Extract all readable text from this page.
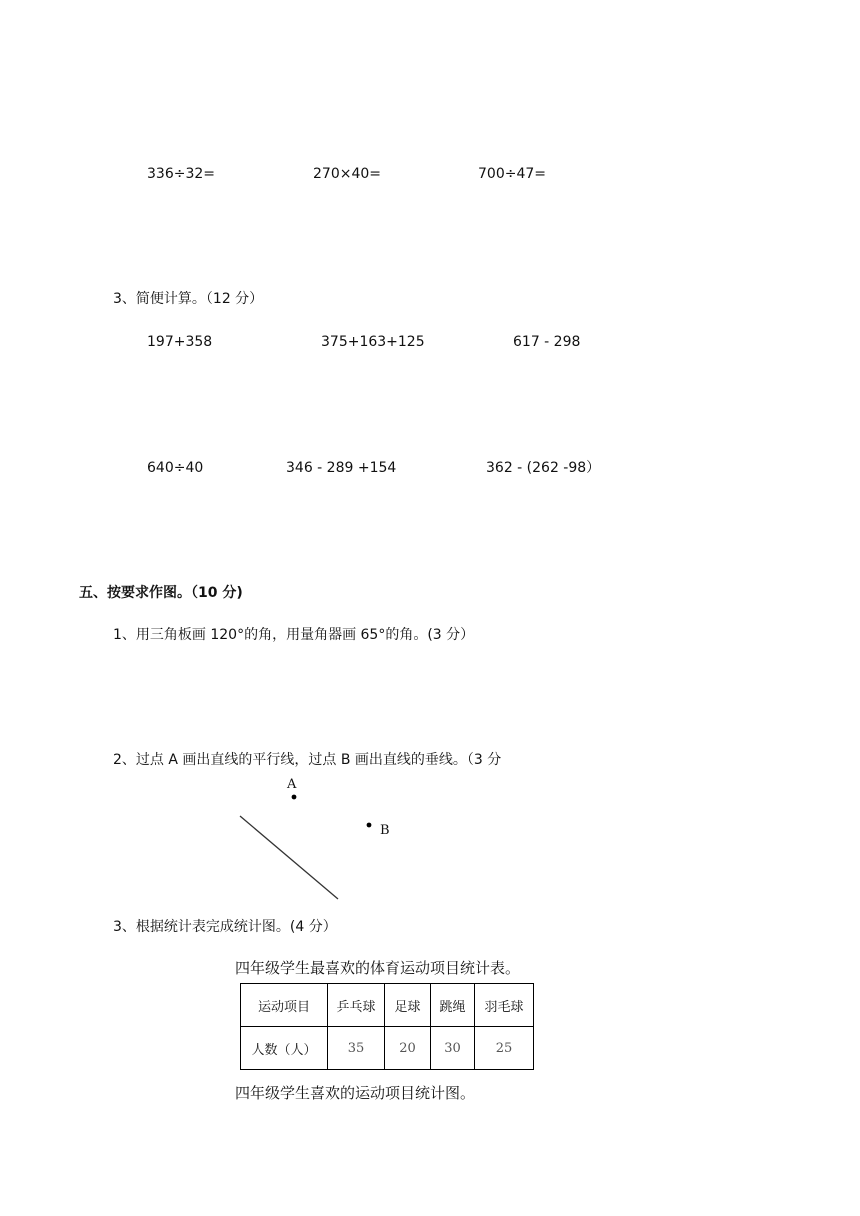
336÷32=	270×40=	700÷47=
3、简便计算。（12 分）
197+358	375+163+125	617 - 298
640÷40	346 - 289 +154	362 - (262 -98）
五、按要求作图。（10 分)
1、用三角板画 120°的角，用量角器画 65°的角。(3 分）
2、过点 A 画出直线的平行线，过点 B 画出直线的垂线。（3 分
A
B
3、根据统计表完成统计图。(4 分）
四年级学生最喜欢的体育运动项目统计表。
运动项目	乒乓球	足球	跳绳	羽毛球
人数（人）	35	20	30	25
四年级学生喜欢的运动项目统计图。
